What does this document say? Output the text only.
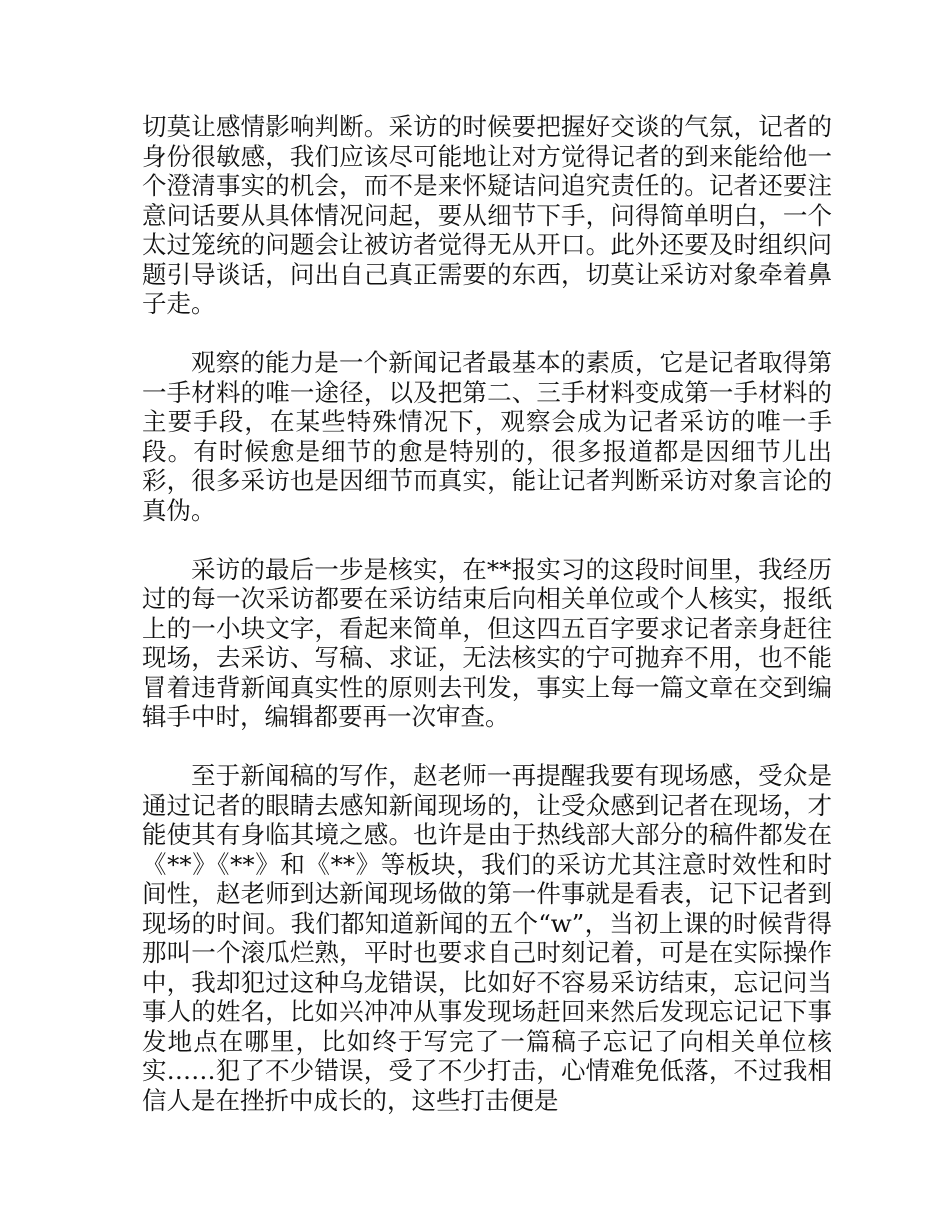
切莫让感情影响判断。采访的时候要把握好交谈的气氛，记者的身份很敏感，我们应该尽可能地让对方觉得记者的到来能给他一个澄清事实的机会，而不是来怀疑诘问追究责任的。记者还要注意问话要从具体情况问起，要从细节下手，问得简单明白，一个太过笼统的问题会让被访者觉得无从开口。此外还要及时组织问题引导谈话，问出自己真正需要的东西，切莫让采访对象牵着鼻子走。

观察的能力是一个新闻记者最基本的素质，它是记者取得第一手材料的唯一途径，以及把第二、三手材料变成第一手材料的主要手段，在某些特殊情况下，观察会成为记者采访的唯一手段。有时候愈是细节的愈是特别的，很多报道都是因细节儿出彩，很多采访也是因细节而真实，能让记者判断采访对象言论的真伪。

采访的最后一步是核实，在**报实习的这段时间里，我经历过的每一次采访都要在采访结束后向相关单位或个人核实，报纸上的一小块文字，看起来简单，但这四五百字要求记者亲身赶往现场，去采访、写稿、求证，无法核实的宁可抛弃不用，也不能冒着违背新闻真实性的原则去刊发，事实上每一篇文章在交到编辑手中时，编辑都要再一次审查。

至于新闻稿的写作，赵老师一再提醒我要有现场感，受众是通过记者的眼睛去感知新闻现场的，让受众感到记者在现场，才能使其有身临其境之感。也许是由于热线部大部分的稿件都发在《**》《**》和《**》等板块，我们的采访尤其注意时效性和时间性，赵老师到达新闻现场做的第一件事就是看表，记下记者到现场的时间。我们都知道新闻的五个“w”，当初上课的时候背得那叫一个滚瓜烂熟，平时也要求自己时刻记着，可是在实际操作中，我却犯过这种乌龙错误，比如好不容易采访结束，忘记问当事人的姓名，比如兴冲冲从事发现场赶回来然后发现忘记记下事发地点在哪里，比如终于写完了一篇稿子忘记了向相关单位核实……犯了不少错误，受了不少打击，心情难免低落，不过我相信人是在挫折中成长的，这些打击便是
